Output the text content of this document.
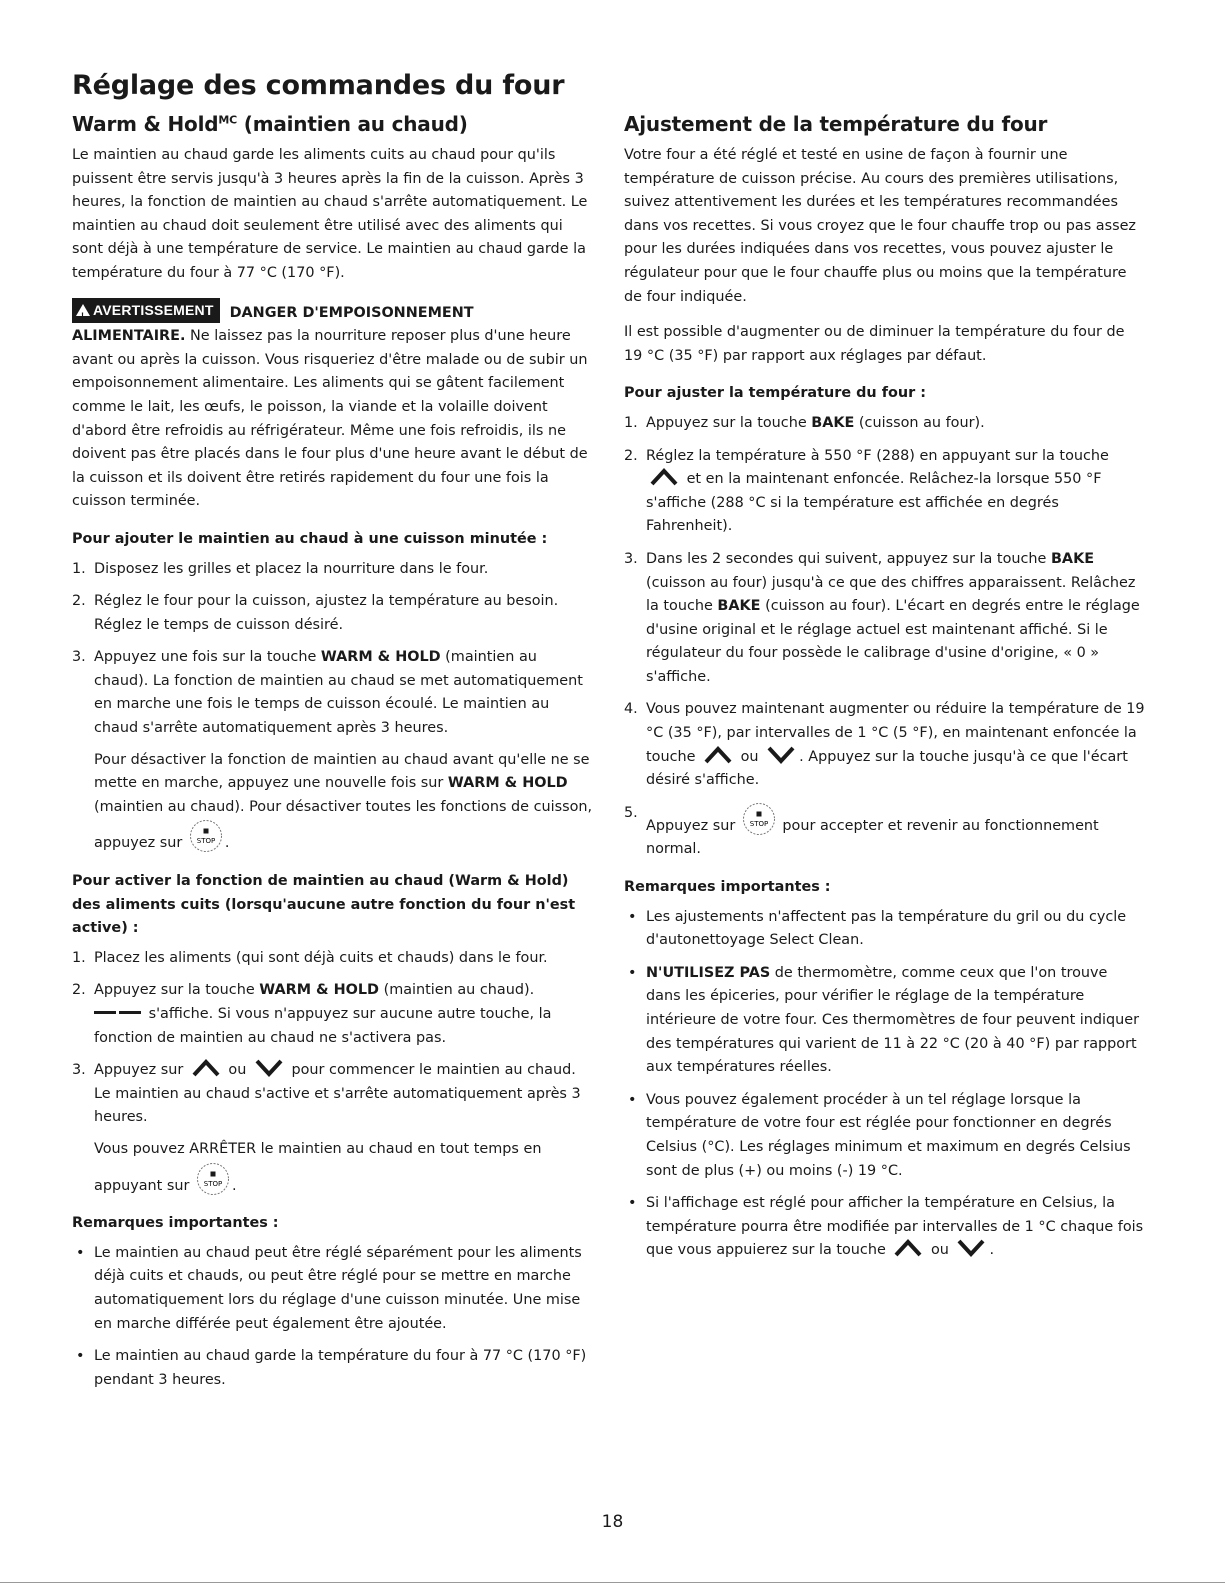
Réglage des commandes du four
Warm & Hold$^{MC}$ (maintien au chaud)

Le maintien au chaud garde les aliments cuits au chaud pour qu'ils puissent être servis jusqu'à 3 heures après la fin de la cuisson. Après 3 heures, la fonction de maintien au chaud s'arrête automatiquement. Le maintien au chaud doit seulement être utilisé avec des aliments qui sont déjà à une température de service. Le maintien au chaud garde la température du four à 77 °C (170 °F).

!AVERTISSEMENT DANGER D'EMPOISONNEMENT
ALIMENTAIRE. Ne laissez pas la nourriture reposer plus d'une heure avant ou après la cuisson. Vous risqueriez d'être malade ou de subir un empoisonnement alimentaire. Les aliments qui se gâtent facilement comme le lait, les œufs, le poisson, la viande et la volaille doivent d'abord être refroidis au réfrigérateur. Même une fois refroidis, ils ne doivent pas être placés dans le four plus d'une heure avant le début de la cuisson et ils doivent être retirés rapidement du four une fois la cuisson terminée.

Pour ajouter le maintien au chaud à une cuisson minutée :
1. Disposez les grilles et placez la nourriture dans le four.
2. Réglez le four pour la cuisson, ajustez la température au besoin. Réglez le temps de cuisson désiré.
3. Appuyez une fois sur la touche WARM & HOLD (maintien au chaud). La fonction de maintien au chaud se met automatiquement en marche une fois le temps de cuisson écoulé. Le maintien au chaud s'arrête automatiquement après 3 heures.

Pour désactiver la fonction de maintien au chaud avant qu'elle ne se mette en marche, appuyez une nouvelle fois sur WARM & HOLD (maintien au chaud). Pour désactiver toutes les fonctions de cuisson, appuyez sur STOP .

Pour activer la fonction de maintien au chaud (Warm & Hold) des aliments cuits (lorsqu'aucune autre fonction du four n'est active) :
1. Placez les aliments (qui sont déjà cuits et chauds) dans le four.
2. Appuyez sur la touche WARM & HOLD (maintien au chaud).
s'affiche. Si vous n'appuyez sur aucune autre touche, la fonction de maintien au chaud ne s'activera pas.
3. Appuyez sur	ou	pour commencer le maintien au chaud. Le maintien au chaud s'active et s'arrête automatiquement après 3 heures.

Vous pouvez ARRÊTER le maintien au chaud en tout temps en appuyant sur STOP .

Remarques importantes :
• Le maintien au chaud peut être réglé séparément pour les aliments déjà cuits et chauds, ou peut être réglé pour se mettre en marche automatiquement lors du réglage d'une cuisson minutée. Une mise en marche différée peut également être ajoutée.
• Le maintien au chaud garde la température du four à 77 °C (170 °F) pendant 3 heures.
Ajustement de la température du four

Votre four a été réglé et testé en usine de façon à fournir une température de cuisson précise. Au cours des premières utilisations, suivez attentivement les durées et les températures recommandées dans vos recettes. Si vous croyez que le four chauffe trop ou pas assez pour les durées indiquées dans vos recettes, vous pouvez ajuster le régulateur pour que le four chauffe plus ou moins que la température de four indiquée.

Il est possible d'augmenter ou de diminuer la température du four de 19 °C (35 °F) par rapport aux réglages par défaut.

Pour ajuster la température du four :
1. Appuyez sur la touche BAKE (cuisson au four).
2. Réglez la température à 550 °F (288) en appuyant sur la touche  et en la maintenant enfoncée. Relâchez-la lorsque 550 °F s'affiche (288 °C si la température est affichée en degrés Fahrenheit).
3. Dans les 2 secondes qui suivent, appuyez sur la touche BAKE (cuisson au four) jusqu'à ce que des chiffres apparaissent. Relâchez la touche BAKE (cuisson au four). L'écart en degrés entre le réglage d'usine original et le réglage actuel est maintenant affiché. Si le régulateur du four possède le calibrage d'usine d'origine, « 0 » s'affiche.
4. Vous pouvez maintenant augmenter ou réduire la température de 19 °C (35 °F), par intervalles de 1 °C (5 °F), en maintenant enfoncée la touche	ou	. Appuyez sur la touche jusqu'à ce que l'écart désiré s'affiche.
5.
Appuyez sur STOP pour accepter et revenir au fonctionnement normal.
Remarques importantes :
• Les ajustements n'affectent pas la température du gril ou du cycle d'autonettoyage Select Clean.
• N'UTILISEZ PAS de thermomètre, comme ceux que l'on trouve dans les épiceries, pour vérifier le réglage de la température intérieure de votre four. Ces thermomètres de four peuvent indiquer des températures qui varient de 11 à 22 °C (20 à 40 °F) par rapport aux températures réelles.
• Vous pouvez également procéder à un tel réglage lorsque la température de votre four est réglée pour fonctionner en degrés Celsius (°C). Les réglages minimum et maximum en degrés Celsius sont de plus (+) ou moins (-) 19 °C.
• Si l'affichage est réglé pour afficher la température en Celsius, la température pourra être modifiée par intervalles de 1 °C chaque fois que vous appuierez sur la touche	ou	.
18
